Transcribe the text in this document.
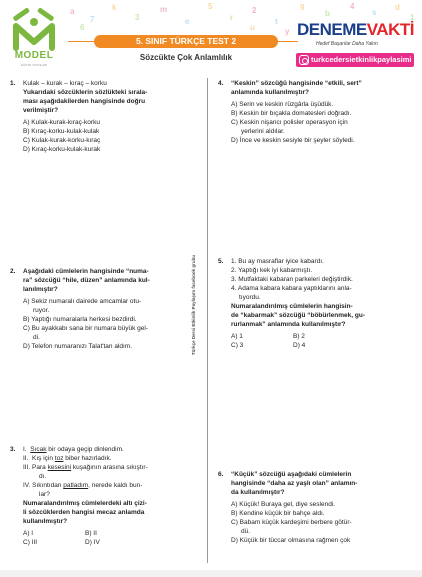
a
7
k
3
m
e
5
r
2
t
9
b
4
s
d
1
6	u	y
MODEL
EĞİTİM YAYINLARI
5. SINIF TÜRKÇE TEST 2
Sözcükte Çok Anlamlılık
DENEMEVAKTİ
Hedef Başarılar Daha Yakın
turkcedersietkinlikpaylasimi
Türkçe Dersi Etkinlik Paylaşım facebook grubu
1. Kulak – kurak – kıraç – korku
Yukarıdaki sözcüklerin sözlükteki sırala-
ması aşağıdakilerden hangisinde doğru
verilmiştir?
A) Kulak-kurak-kıraç-korku
B) Kıraç-korku-kulak-kulak
C) Kulak-kurak-korku-kıraç
D) Kıraç-korku-kulak-kurak
2. Aşağıdaki cümlelerin hangisinde “numa-
ra” sözcüğü “hile, düzen” anlamında kul-
lanılmıştır?
A) Sekiz numaralı dairede amcamlar otu-
ruyor.
B) Yaptığı numaralarla herkesi bezdirdi.
C) Bu ayakkabı sana bir numara büyük gel-
di.
D) Telefon numaranızı Talat'tan aldım.
3. I.  Sıcak bir odaya geçip dinlendim.
II.  Kış için toz biber hazırladık.
III. Para kesesini kuşağının arasına sıkıştır-
dı.
IV. Sıkıntıdan patladım, nerede kaldı bun-
lar?
Numaralandırılmış cümlelerdeki altı çizi-
li sözcüklerden hangisi mecaz anlamda
kullanılmıştır?
A) I	B) II
C) III	D) IV
4. “Keskin” sözcüğü hangisinde “etkili, sert”
anlamında kullanılmıştır?
A) Serin ve keskin rüzgârla üşüdük.
B) Keskin bir bıçakla domatesleri doğradı.
C) Keskin nişancı polisler operasyon için
yerlerini aldılar.
D) İnce ve keskin sesiyle bir şeyler söyledi.
5. 1. Bu ay masraflar iyice kabardı.
2. Yaptığı kek iyi kabarmıştı.
3. Mutfaktaki kabaran parkeleri değiştirdik.
4. Adama kabara kabara yaptıklarını anla-
tıyordu.
Numaralandırılmış cümlelerin hangisin-
de “kabarmak” sözcüğü “böbürlenmek, gu-
rurlanmak” anlamında kullanılmıştır?
A) 1	B) 2
C) 3	D) 4
6. “Küçük” sözcüğü aşağıdaki cümlelerin
hangisinde “daha az yaşlı olan” anlamın-
da kullanılmıştır?
A) Küçük! Buraya gel, diye seslendi.
B) Kendine küçük bir bahçe aldı.
C) Babam küçük kardeşimi berbere götür-
dü.
D) Küçük bir tüccar olmasına rağmen çok
